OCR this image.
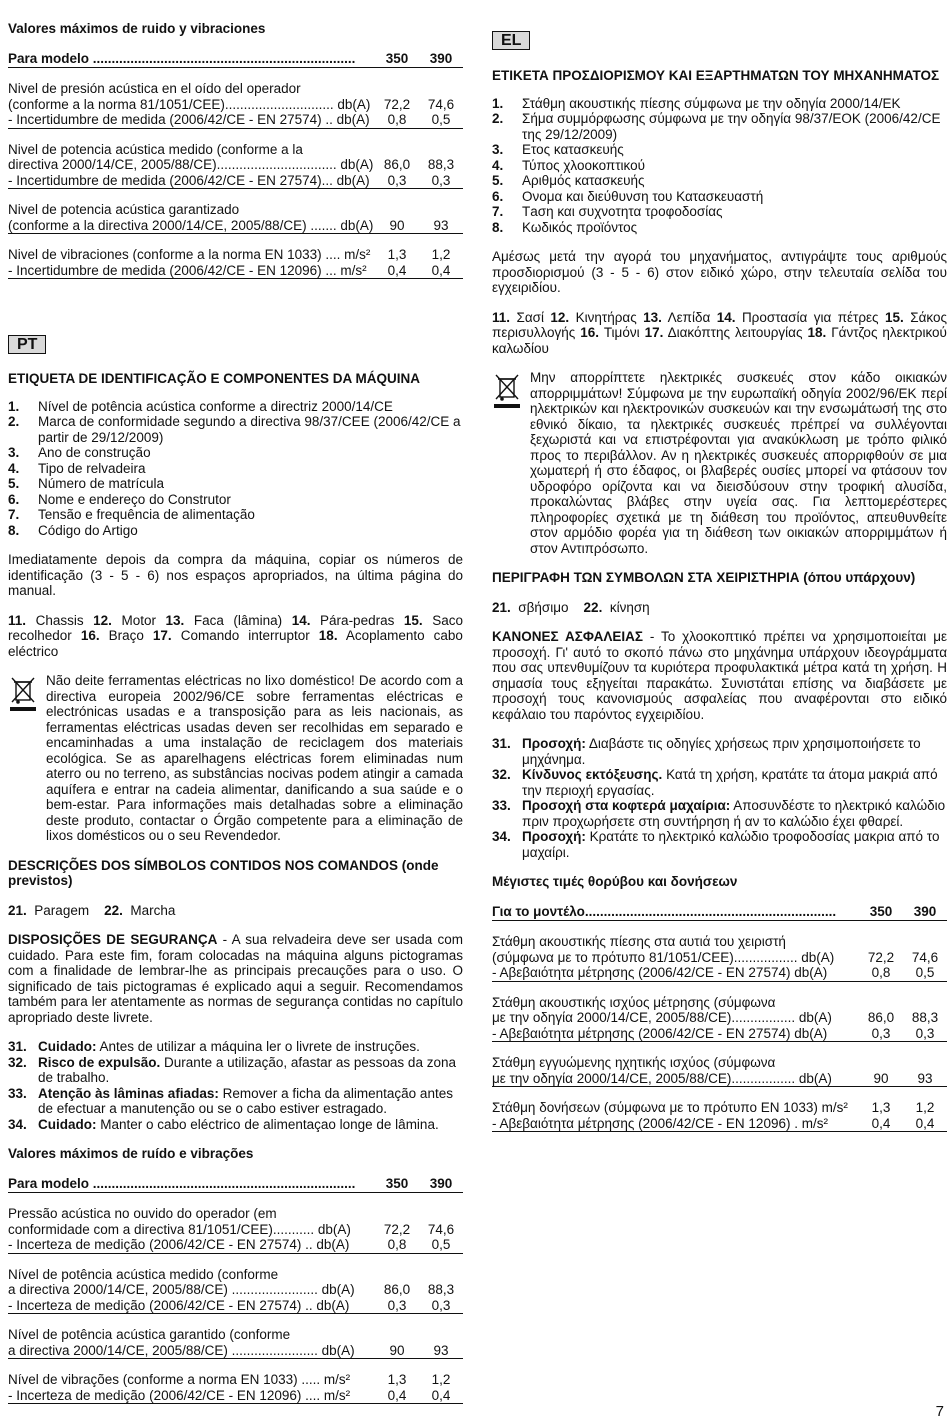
Valores máximos de ruido y vibraciones
Para modelo ......................................................................	350	390
Nivel de presión acústica en el oído del operador
(conforme a la norma 81/1051/CEE)............................. db(A) 72,2	74,6
- Incertidumbre de medida (2006/42/CE - EN 27574) .. db(A)	0,8	0,5
Nivel de potencia acústica medido (conforme a la
directiva 2000/14/CE, 2005/88/CE)................................ db(A) 86,0	88,3
- Incertidumbre de medida (2006/42/CE - EN 27574)... db(A)	0,3	0,3
Nivel de potencia acústica garantizado
(conforme a la directiva 2000/14/CE, 2005/88/CE) ....... db(A)	90	93
Nivel de vibraciones (conforme a la norma EN 1033) .... m/s²	1,3	1,2
- Incertidumbre de medida (2006/42/CE - EN 12096) ... m/s²	0,4	0,4
PT
ETIQUETA DE IDENTIFICAÇÃO E COMPONENTES DA MÁQUINA
1.	Nível de potência acústica conforme a directriz 2000/14/CE
2.	Marca de conformidade segundo a directiva 98/37/CEE (2006/42/CE a partir de 29/12/2009)
3.	Ano de construção
4.	Tipo de relvadeira
5.	Número de matrícula
6.	Nome e endereço do Construtor
7.	Tensão e frequência de alimentação
8.	Código do Artigo

Imediatamente depois da compra da máquina, copiar os números de identificação (3 - 5 - 6) nos espaços apropriados, na última página do manual.

11. Chassis 12. Motor 13. Faca (lâmina) 14. Pára-pedras 15. Saco recolhedor 16. Braço 17. Comando interruptor 18. Acoplamento cabo eléctrico

Não deite ferramentas eléctricas no lixo doméstico! De acordo com a directiva europeia 2002/96/CE sobre ferramentas eléctricas e electrónicas usadas e a transposição para as leis nacionais, as ferramentas eléctricas usadas deven ser recolhidas em separado e encaminhadas a uma instalação de reciclagem dos materiais ecológica. Se as aparelhagens eléctricas forem eliminadas num aterro ou no terreno, as substâncias nocivas podem atingir a camada aquífera e entrar na cadeia alimentar, danificando a sua saúde e o bem-estar. Para informações mais detalhadas sobre a eliminação deste produto, contactar o Órgão competente para a eliminação de lixos domésticos ou o seu Revendedor.

DESCRIÇÕES DOS SÍMBOLOS CONTIDOS NOS COMANDOS (onde previstos)

21. Paragem 22. Marcha

DISPOSIÇÕES DE SEGURANÇA - A sua relvadeira deve ser usada com cuidado. Para este fim, foram colocadas na máquina alguns pictogramas com a finalidade de lembrar-lhe as principais precauções para o uso. O significado de tais pictogramas é explicado aqui a seguir. Recomendamos também para ler atentamente as normas de segurança contidas no capítulo apropriado deste livrete.

31. Cuidado: Antes de utilizar a máquina ler o livrete de instruções.
32. Risco de expulsão. Durante a utilização, afastar as pessoas da zona de trabalho.
33. Atenção às lâminas afiadas: Remover a ficha da alimentação antes de efectuar a manutenção ou se o cabo estiver estragado.
34. Cuidado: Manter o cabo eléctrico de alimentaçao longe de lâmina.
Valores máximos de ruído e vibrações
Para modelo ......................................................................	350	390
Pressão acústica no ouvido do operador (em
conformidade com a directiva 81/1051/CEE)........... db(A)	72,2	74,6
- Incerteza de medição (2006/42/CE - EN 27574) .. db(A)	0,8	0,5
Nível de potência acústica medido (conforme
a directiva 2000/14/CE, 2005/88/CE) ....................... db(A)	86,0	88,3
- Incerteza de medição (2006/42/CE - EN 27574) .. db(A)	0,3	0,3
Nível de potência acústica garantido (conforme
a directiva 2000/14/CE, 2005/88/CE) ....................... db(A)	90	93
Nível de vibrações (conforme a norma EN 1033) ..... m/s²	1,3	1,2
- Incerteza de medição (2006/42/CE - EN 12096) .... m/s²	0,4	0,4
EL
ΕΤΙΚΕΤΑ ΠΡΟΣΔΙΟΡΙΣΜΟΥ ΚΑΙ ΕΞΑΡΤΗΜΑΤΩΝ ΤΟΥ ΜΗΧΑΝΗΜΑΤΟΣ
1.	Στάθμη ακουστικής πίεσης σύμφωνα με την οδηγία 2000/14/ΕΚ
2.	Σήμα συμμόρφωσης σύμφωνα με την οδηγία 98/37/ΕΟΚ (2006/42/CE της 29/12/2009)
3.	Ετος κατασκευής
4.	Τύπος χλοοκοπτικού
5.	Αριθμός κατασκευής
6.	Ονομα και διεύθυνση του Κατασκευαστή
7.	Τaση και συχνoτητα τροφοδοσίας
8.	Κωδικός προϊόντος

Αμέσως μετά την αγορά του μηχανήματος, αντιγράψτε τους αριθμούς προσδιορισμού (3 - 5 - 6) στον ειδικό χώρο, στην τελευταία σελίδα του εγχειριδίου.

11. Σασί 12. Κινητήρας 13. Λεπίδα 14. Προστασία για πέτρες 15. Σάκος περισυλλογής 16. Τιμόνι 17. Διακόπτης λειτουργίας 18. Γάντζος ηλεκτρικού καλωδίου

Μην απορρίπτετε ηλεκτρικές συσκευές στον κάδο οικιακών απορριμμάτων! Σύμφωνα με την ευρωπαϊκή οδηγία 2002/96/ΕΚ περί ηλεκτρικών και ηλεκτρονικών συσκευών και την ενσωμάτωσή της στο εθνικό δίκαιο, τα ηλεκτρικές συσκευές πρέπρεί να συλλέγονται ξεχωριστά και να επιστρέφονται για ανακύκλωση με τρόπο φιλικό προς το περιβάλλον. Αν η ηλεκτρικές συσκευές απορριφθούν σε μια χωματερή ή στο έδαφος, οι βλαβερές ουσίες μπορεί να φτάσουν τον υδροφόρο ορίζοντα και να διεισδύσουν στην τροφική αλυσίδα, προκαλώντας βλάβες στην υγεία σας. Για λεπτομερέστερες πληροφορίες σχετικά με τη διάθεση του προϊόντος, απευθυνθείτε στον αρμόδιο φορέα για τη διάθεση των οικιακών απορριμμάτων ή στον Αντιπρόσωπο.

ΠΕΡΙΓΡΑΦΗ ΤΩΝ ΣΥΜΒΟΛΩΝ ΣΤΑ ΧΕΙΡΙΣΤΗΡΙΑ (όπου υπάρχουν)

21. σβήσιμο 22. κίνηση

ΚΑΝΟΝΕΣ ΑΣΦΑΛΕΙΑΣ - Το χλοοκοπτικό πρέπει να χρησιμοποιείται με προσοχή. Γι' αυτό το σκοπό πάνω στο μηχάνημα υπάρχουν ιδεογράμματα που σας υπενθυμίζουν τα κυριότερα προφυλακτικά μέτρα κατά τη χρήση. Η σημασία τους εξηγείται παρακάτω. Συνιστάται επίσης να διαβάσετε με προσοχή τους κανονισμούς ασφαλείας που αναφέρονται στο ειδικό κεφάλαιο του παρόντος εγχειριδίου.

31. Προσοχή: Διαβάστε τις οδηγίες χρήσεως πριν χρησιμοποιήσετε το μηχάνημα.
32. Κίνδυνος εκτόξευσης. Κατά τη χρήση, κρατάτε τα άτομα μακριά από την περιοχή εργασίας.
33. Προσοχή στα κοφτερά μαχαίρια: Αποσυνδέστε το ηλεκτρικό καλώδιο πριν προχωρήσετε στη συντήρηση ή αν το καλώδιο έχει φθαρεί.
34. Προσοχή: Κρατάτε το ηλεκτρικό καλώδιο τροφοδοσίας μακρια από το μαχαίρι.
Μέγιστες τιμές θορύβου και δονήσεων
Για το μοντέλο...................................................................	350	390
Στάθμη ακουστικής πίεσης στα αυτιά του χειριστή
(σύμφωνα με το πρότυπο 81/1051/CEE)................. db(A)	72,2	74,6
- Αβεβαιότητα μέτρησης (2006/42/CE - EN 27574) db(A)	0,8	0,5
Στάθμη ακουστικής ισχύος μέτρησης (σύμφωνα
με την οδηγία 2000/14/CE, 2005/88/CE)................. db(A)	86,0	88,3
- Αβεβαιότητα μέτρησης (2006/42/CE - EN 27574) db(A)	0,3	0,3
Στάθμη εγγυώμενης ηχητικής ισχύος (σύμφωνα
με την οδηγία 2000/14/CE, 2005/88/CE)................. db(A)	90	93
Στάθμη δονήσεων (σύμφωνα με το πρότυπο EN 1033) m/s²	1,3	1,2
- Αβεβαιότητα μέτρησης (2006/42/CE - EN 12096) . m/s²	0,4	0,4
7
